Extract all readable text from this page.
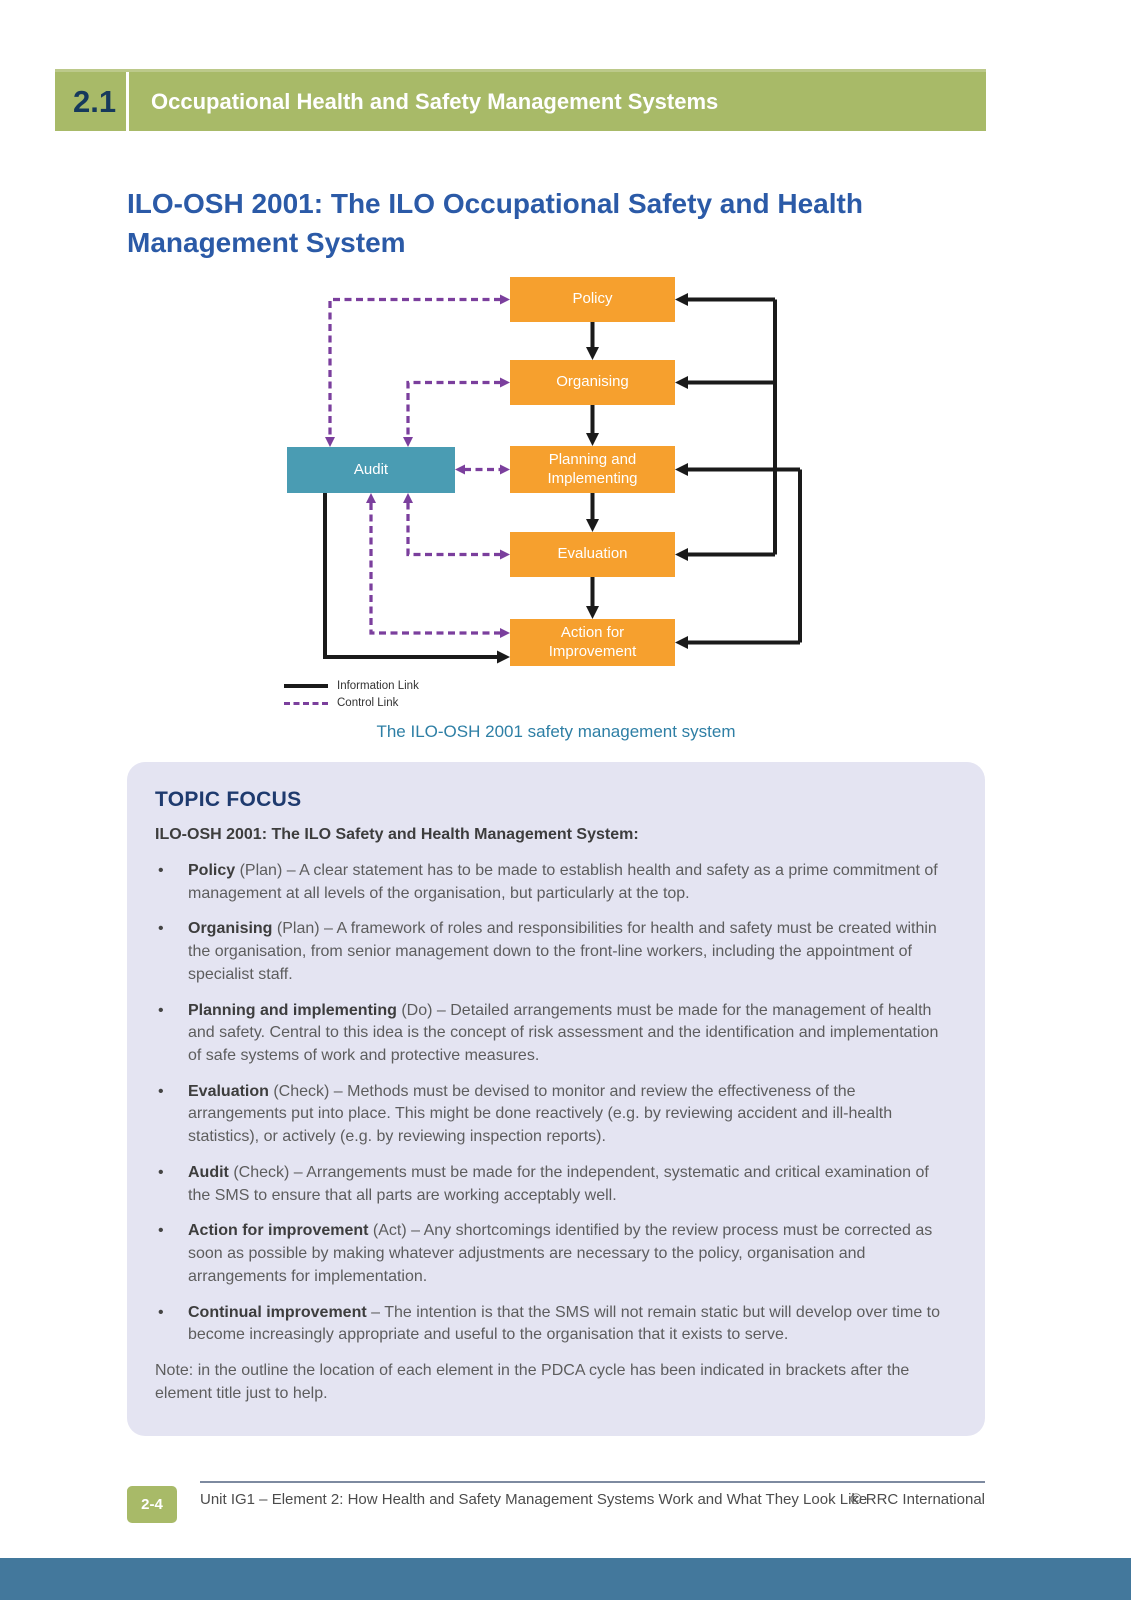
2.1 Occupational Health and Safety Management Systems
ILO-OSH 2001: The ILO Occupational Safety and Health Management System
Policy
Organising
Planning and Implementing
Evaluation
Action for Improvement
Audit
Information Link
Control Link
The ILO-OSH 2001 safety management system
TOPIC FOCUS

ILO-OSH 2001: The ILO Safety and Health Management System:

•	Policy (Plan) – A clear statement has to be made to establish health and safety as a prime commitment of management at all levels of the organisation, but particularly at the top.

•	Organising (Plan) – A framework of roles and responsibilities for health and safety must be created within the organisation, from senior management down to the front-line workers, including the appointment of specialist staff.

•	Planning and implementing (Do) – Detailed arrangements must be made for the management of health and safety. Central to this idea is the concept of risk assessment and the identification and implementation of safe systems of work and protective measures.

•	Evaluation (Check) – Methods must be devised to monitor and review the effectiveness of the arrangements put into place. This might be done reactively (e.g. by reviewing accident and ill-health statistics), or actively (e.g. by reviewing inspection reports).

•	Audit (Check) – Arrangements must be made for the independent, systematic and critical examination of the SMS to ensure that all parts are working acceptably well.

•	Action for improvement (Act) – Any shortcomings identified by the review process must be corrected as soon as possible by making whatever adjustments are necessary to the policy, organisation and arrangements for implementation.

•	Continual improvement – The intention is that the SMS will not remain static but will develop over time to become increasingly appropriate and useful to the organisation that it exists to serve.

Note: in the outline the location of each element in the PDCA cycle has been indicated in brackets after the element title just to help.

2-4	Unit IG1 – Element 2: How Health and Safety Management Systems Work and What They Look Like
© RRC International
